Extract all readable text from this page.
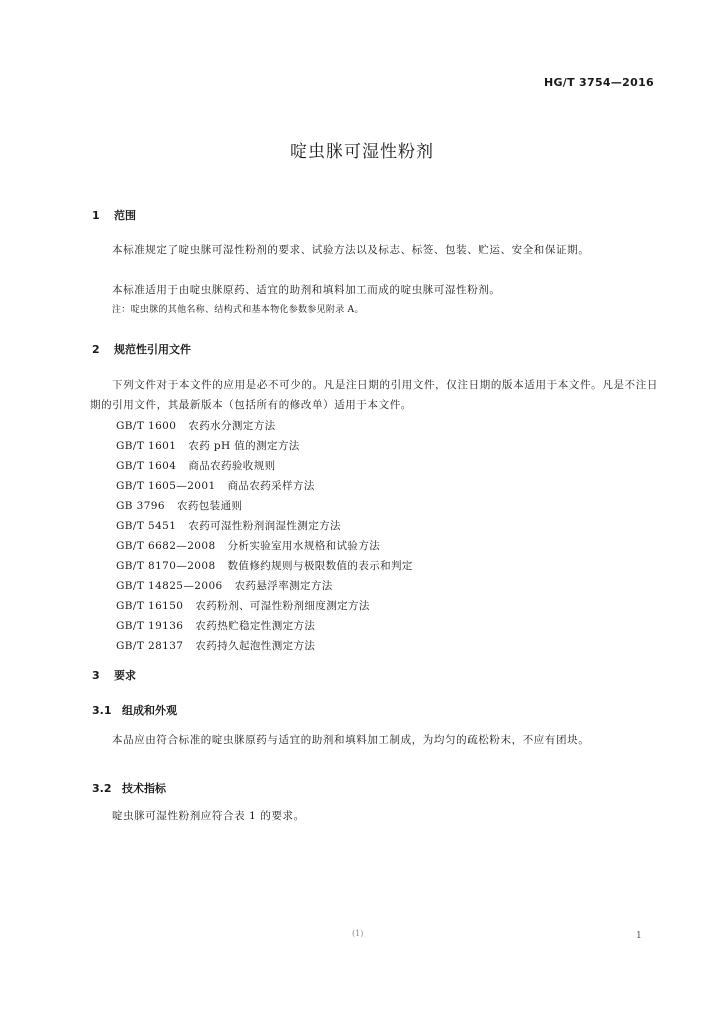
HG/T 3754—2016
啶虫脒可湿性粉剂
1 范围
本标准规定了啶虫脒可湿性粉剂的要求、试验方法以及标志、标签、包装、贮运、安全和保证期。
本标准适用于由啶虫脒原药、适宜的助剂和填料加工而成的啶虫脒可湿性粉剂。
注：啶虫脒的其他名称、结构式和基本物化参数参见附录 A。
2 规范性引用文件
下列文件对于本文件的应用是必不可少的。凡是注日期的引用文件，仅注日期的版本适用于本文件。凡是不注日期的引用文件，其最新版本（包括所有的修改单）适用于本文件。
GB/T 1600 农药水分测定方法
GB/T 1601 农药 pH 值的测定方法
GB/T 1604 商品农药验收规则
GB/T 1605—2001 商品农药采样方法
GB 3796 农药包装通则
GB/T 5451 农药可湿性粉剂润湿性测定方法
GB/T 6682—2008 分析实验室用水规格和试验方法
GB/T 8170—2008 数值修约规则与极限数值的表示和判定
GB/T 14825—2006 农药悬浮率测定方法
GB/T 16150 农药粉剂、可湿性粉剂细度测定方法
GB/T 19136 农药热贮稳定性测定方法
GB/T 28137 农药持久起泡性测定方法
3 要求
3.1 组成和外观
本品应由符合标准的啶虫脒原药与适宜的助剂和填料加工制成，为均匀的疏松粉末，不应有团块。
3.2 技术指标
啶虫脒可湿性粉剂应符合表 1 的要求。
(1)	1
